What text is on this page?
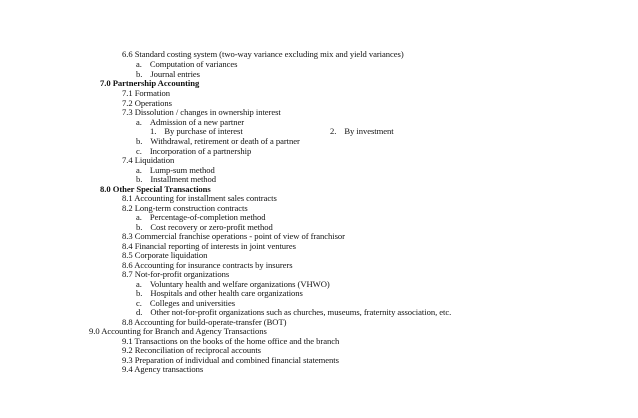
6.6 Standard costing system (two-way variance excluding mix and yield variances)
a. Computation of variances
b. Journal entries
7.0 Partnership Accounting
7.1 Formation
7.2 Operations
7.3 Dissolution / changes in ownership interest
a. Admission of a new partner
1. By purchase of interest	2. By investment
b. Withdrawal, retirement or death of a partner
c. Incorporation of a partnership
7.4 Liquidation
a. Lump-sum method
b. Installment method
8.0 Other Special Transactions
8.1 Accounting for installment sales contracts
8.2 Long-term construction contracts
a. Percentage-of-completion method
b. Cost recovery or zero-profit method
8.3 Commercial franchise operations - point of view of franchisor
8.4 Financial reporting of interests in joint ventures
8.5 Corporate liquidation
8.6 Accounting for insurance contracts by insurers
8.7 Not-for-profit organizations
a. Voluntary health and welfare organizations (VHWO)
b. Hospitals and other health care organizations
c. Colleges and universities
d. Other not-for-profit organizations such as churches, museums, fraternity association, etc.
8.8 Accounting for build-operate-transfer (BOT)
9.0 Accounting for Branch and Agency Transactions
9.1 Transactions on the books of the home office and the branch
9.2 Reconciliation of reciprocal accounts
9.3 Preparation of individual and combined financial statements
9.4 Agency transactions
